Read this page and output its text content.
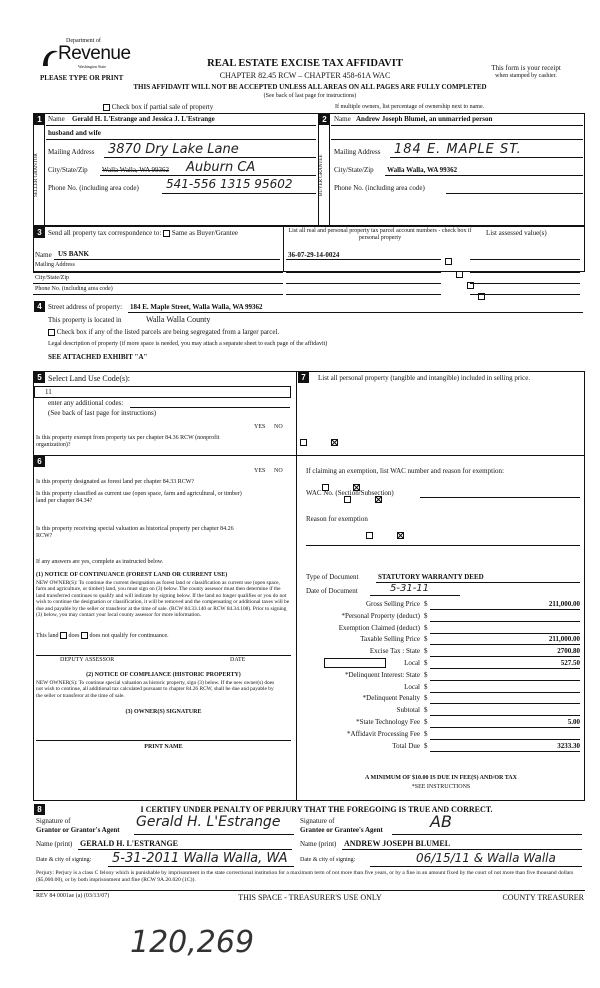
Department of
Revenue
Washington State
PLEASE TYPE OR PRINT
REAL ESTATE EXCISE TAX AFFIDAVIT
CHAPTER 82.45 RCW – CHAPTER 458-61A WAC
This form is your receipt
when stamped by cashier.
THIS AFFIDAVIT WILL NOT BE ACCEPTED UNLESS ALL AREAS ON ALL PAGES ARE FULLY COMPLETED
(See back of last page for instructions)
Check box if partial sale of property	If multiple owners, list percentage of ownership next to name.
1	2
SELLER GRANTOR	BUYER GRANTEE
Name Gerald H. L'Estrange and Jessica J. L'Estrange
husband and wife
Mailing Address 3870 Dry Lake Lane
City/State/Zip Walla Walla, WA 99362 Auburn CA
Phone No. (including area code) 541-556 1315 95602
Name Andrew Joseph Blumel, an unmarried person
Mailing Address 184 E. MAPLE ST.
City/State/Zip Walla Walla, WA 99362
Phone No. (including area code)
3 Send all property tax correspondence to: Same as Buyer/Grantee
Name US BANK
Mailing Address
List all real and personal property tax parcel account numbers - check box if personal property
List assessed value(s)
36-07-29-14-0024

City/State/Zip
Phone No. (including area code)

4 Street address of property: 184 E. Maple Street, Walla Walla, WA 99362
This property is located in	Walla Walla County
Check box if any of the listed parcels are being segregated from a larger parcel.
Legal description of property (if more space is needed, you may attach a separate sheet to each page of the affidavit)
SEE ATTACHED EXHIBIT "A"
5 Select Land Use Code(s):
11
enter any additional codes:
(See back of last page for instructions)
YES NO
Is this property exempt from property tax per chapter 84.36 RCW (nonprofit organization)?

6
YES NO
Is this property designated as forest land per chapter 84.33 RCW?

Is this property classified as current use (open space, farm and agricultural, or timber) land per chapter 84.34?

Is this property receiving special valuation as historical property per chapter 84.26 RCW?

If any answers are yes, complete as instructed below.
(1) NOTICE OF CONTINUANCE (FOREST LAND OR CURRENT USE)
NEW OWNER(S): To continue the current designation as forest land or classification as current use (open space, farm and agriculture, or timber) land, you must sign on (3) below. The county assessor must then determine if the land transferred continues to qualify and will indicate by signing below. If the land no longer qualifies or you do not wish to continue the designation or classification, it will be removed and the compensating or additional taxes will be due and payable by the seller or transferor at the time of sale. (RCW 84.33.140 or RCW 84.34.108). Prior to signing (3) below, you may contact your local county assessor for more information.
This land does does not qualify for continuance.
DEPUTY ASSESSOR	DATE
(2) NOTICE OF COMPLIANCE (HISTORIC PROPERTY)
NEW OWNER(S): To continue special valuation as historic property, sign (3) below. If the new owner(s) does not wish to continue, all additional tax calculated pursuant to chapter 84.26 RCW, shall be due and payable by the seller or transferor at the time of sale.
(3) OWNER(S) SIGNATURE
PRINT NAME
7	List all personal property (tangible and intangible) included in selling price.
If claiming an exemption, list WAC number and reason for exemption:
WAC No. (Section/Subsection)
Reason for exemption
Type of Document	STATUTORY WARRANTY DEED
Date of Document	5-31-11
Gross Selling Price $	211,000.00
*Personal Property (deduct) $
Exemption Claimed (deduct) $
Taxable Selling Price $	211,000.00
Excise Tax : State $	2700.80
Local $	527.50
*Delinquent Interest: State $
Local $
*Delinquent Penalty $
Subtotal $
*State Technology Fee $	5.00
*Affidavit Processing Fee $
Total Due $	3233.30
A MINIMUM OF $10.00 IS DUE IN FEE(S) AND/OR TAX
*SEE INSTRUCTIONS
8	I CERTIFY UNDER PENALTY OF PERJURY THAT THE FOREGOING IS TRUE AND CORRECT.
Signature of
Grantor or Grantor's Agent Gerald H. L'Estrange	Signature of
Grantee or Grantee's Agent	AB
Name (print) GERALD H. L'ESTRANGE	Name (print) ANDREW JOSEPH BLUMEL
Date & city of signing: 5-31-2011 Walla Walla, WA Date & city of signing:	06/15/11 & Walla Walla
Perjury: Perjury is a class C felony which is punishable by imprisonment in the state correctional institution for a maximum term of not more than five years, or by a fine in an amount fixed by the court of not more than five thousand dollars ($5,000.00), or by both imprisonment and fine (RCW 9A.20.020 (1C)).
REV 84 0001ae (a) (03/13/07)	THIS SPACE - TREASURER'S USE ONLY	COUNTY TREASURER
120,269
